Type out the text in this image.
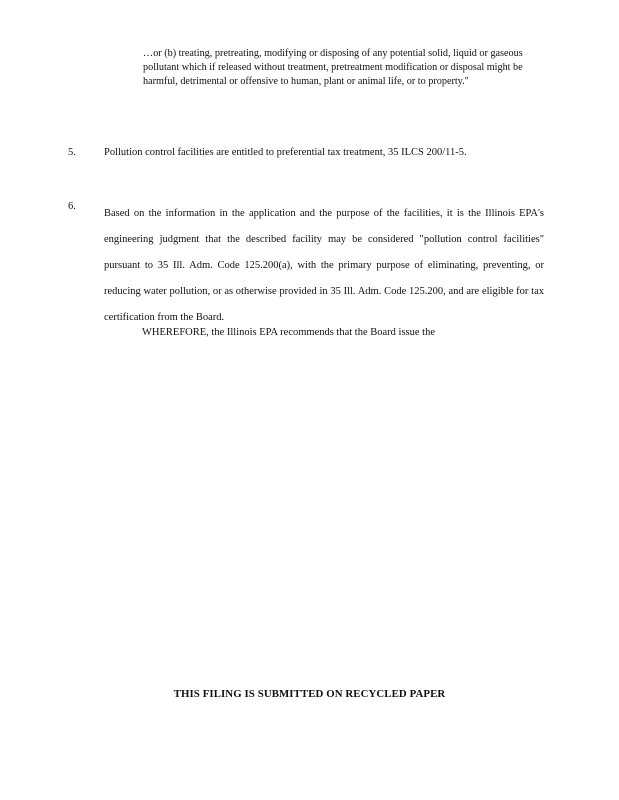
…or (b) treating, pretreating, modifying or disposing of any potential solid, liquid or gaseous pollutant which if released without treatment, pretreatment modification or disposal might be harmful, detrimental or offensive to human, plant or animal life, or to property."
5.	Pollution control facilities are entitled to preferential tax treatment, 35 ILCS 200/11-5.
6.
Based on the information in the application and the purpose of the facilities, it is the Illinois EPA's engineering judgment that the described facility may be considered "pollution control facilities" pursuant to 35 Ill. Adm. Code 125.200(a), with the primary purpose of eliminating, preventing, or reducing water pollution, or as otherwise provided in 35 Ill. Adm. Code 125.200, and are eligible for tax certification from the Board.
WHEREFORE, the Illinois EPA recommends that the Board issue the
THIS FILING IS SUBMITTED ON RECYCLED PAPER
